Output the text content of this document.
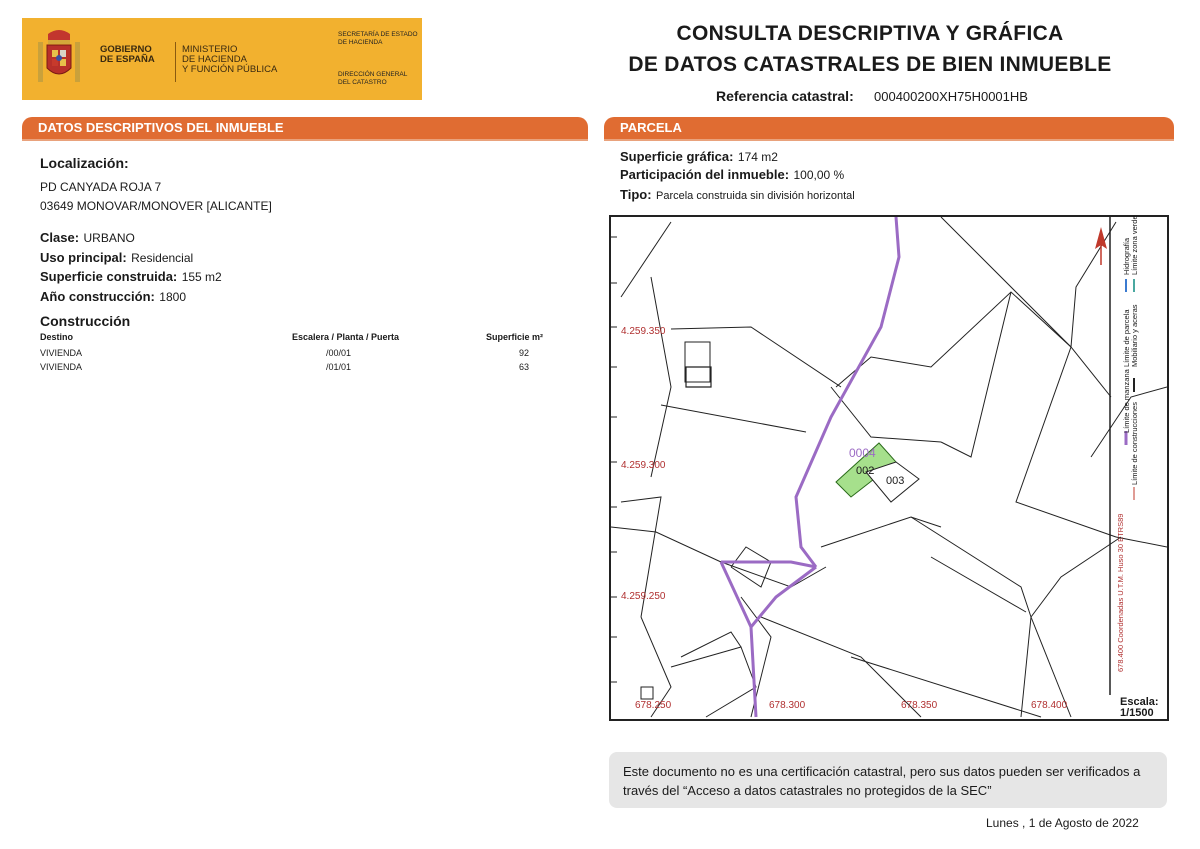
GOBIERNO
DE ESPAÑA
MINISTERIO
DE HACIENDA
Y FUNCIÓN PÚBLICA
SECRETARÍA DE ESTADO
DE HACIENDA
DIRECCIÓN GENERAL
DEL CATASTRO
CONSULTA DESCRIPTIVA Y GRÁFICA
DE DATOS CATASTRALES DE BIEN INMUEBLE
Referencia catastral: 000400200XH75H0001HB
DATOS DESCRIPTIVOS DEL INMUEBLE
Localización:
PD CANYADA ROJA 7
03649 MONOVAR/MONOVER [ALICANTE]
Clase: URBANO
Uso principal: Residencial
Superficie construida: 155 m2
Año construcción: 1800
Construcción
Destino	Escalera / Planta / Puerta	Superficie m²
VIVIENDA	/00/01	92
VIVIENDA	/01/01	63
PARCELA
Superficie gráfica: 174 m2
Participación del inmueble: 100,00 %
Tipo: Parcela construida sin división horizontal
4.259.350
4.259.300
4.259.250
678.250	678.300	678.350	678.400
0004
002
003
Límite de manzana
Límite de parcela
Hidrografía
Límite de construcciones
Mobiliario y aceras
Límite zona verde
678.400 Coordenadas U.T.M. Huso 30 ETRS89
Escala:
1/1500
Este documento no es una certificación catastral, pero sus datos pueden ser verificados a través del “Acceso a datos catastrales no protegidos de la SEC”
Lunes , 1 de Agosto de 2022
